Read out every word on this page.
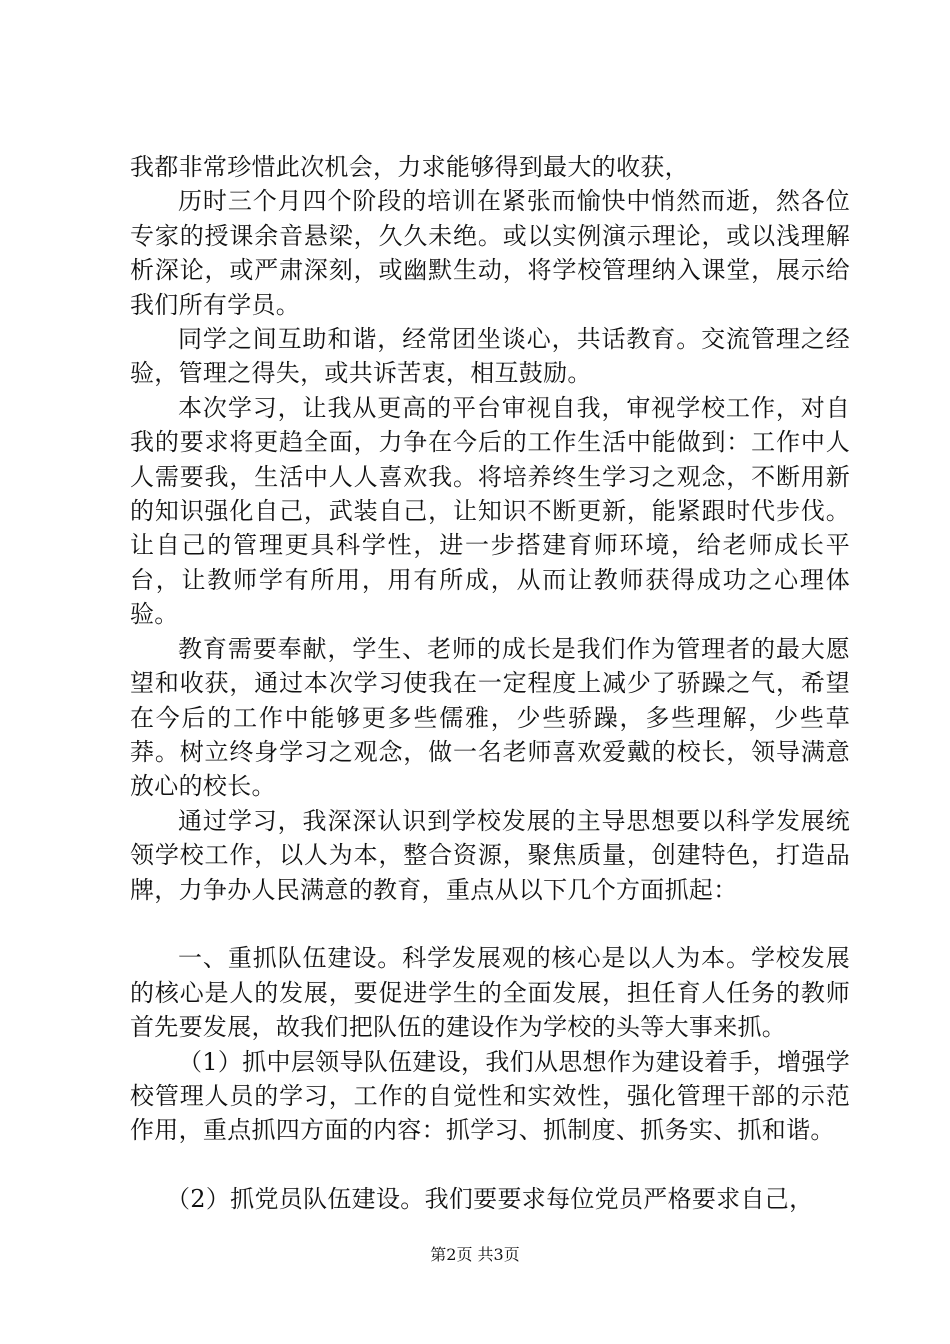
我都非常珍惜此次机会，力求能够得到最大的收获，

历时三个月四个阶段的培训在紧张而愉快中悄然而逝，然各位专家的授课余音悬梁，久久未绝。或以实例演示理论，或以浅理解析深论，或严肃深刻，或幽默生动，将学校管理纳入课堂，展示给我们所有学员。

同学之间互助和谐，经常团坐谈心，共话教育。交流管理之经验，管理之得失，或共诉苦衷，相互鼓励。

本次学习，让我从更高的平台审视自我，审视学校工作，对自我的要求将更趋全面，力争在今后的工作生活中能做到：工作中人人需要我，生活中人人喜欢我。将培养终生学习之观念，不断用新的知识强化自己，武装自己，让知识不断更新，能紧跟时代步伐。让自己的管理更具科学性，进一步搭建育师环境，给老师成长平台，让教师学有所用，用有所成，从而让教师获得成功之心理体验。

教育需要奉献，学生、老师的成长是我们作为管理者的最大愿望和收获，通过本次学习使我在一定程度上减少了骄躁之气，希望在今后的工作中能够更多些儒雅，少些骄躁，多些理解，少些草莽。树立终身学习之观念，做一名老师喜欢爱戴的校长，领导满意放心的校长。

通过学习，我深深认识到学校发展的主导思想要以科学发展统领学校工作，以人为本，整合资源，聚焦质量，创建特色，打造品牌，力争办人民满意的教育，重点从以下几个方面抓起：

一、重抓队伍建设。科学发展观的核心是以人为本。学校发展的核心是人的发展，要促进学生的全面发展，担任育人任务的教师首先要发展，故我们把队伍的建设作为学校的头等大事来抓。

（1）抓中层领导队伍建设，我们从思想作为建设着手，增强学校管理人员的学习，工作的自觉性和实效性，强化管理干部的示范作用，重点抓四方面的内容：抓学习、抓制度、抓务实、抓和谐。

（2）抓党员队伍建设。我们要要求每位党员严格要求自己，

第2页 共3页
